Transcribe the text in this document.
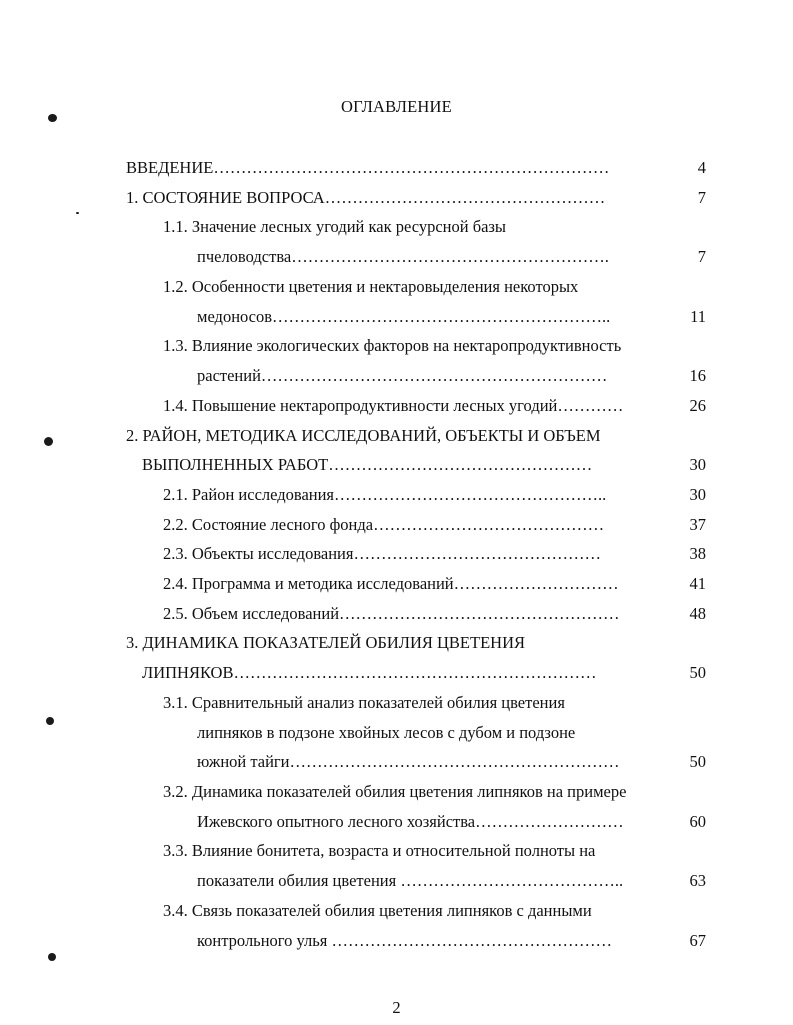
ОГЛАВЛЕНИЕ
ВВЕДЕНИЕ………………………………………………………………	4
1. СОСТОЯНИЕ ВОПРОСА……………………………………………	7
1.1. Значение лесных угодий как ресурсной базы
пчеловодства………………………………………………….	7
1.2. Особенности цветения и нектаровыделения некоторых
медоносов……………………………………………………..	11
1.3. Влияние экологических факторов на нектаропродуктивность
растений………………………………………………………	16
1.4. Повышение нектаропродуктивности лесных угодий…………	26
2. РАЙОН, МЕТОДИКА ИССЛЕДОВАНИЙ, ОБЪЕКТЫ И ОБЪЕМ
ВЫПОЛНЕННЫХ РАБОТ…………………………………………	30
2.1. Район исследования…………………………………………..	30
2.2. Состояние лесного фонда……………………………………	37
2.3. Объекты исследования………………………………………	38
2.4. Программа и методика исследований…………………………	41
2.5. Объем исследований……………………………………………	48
3. ДИНАМИКА ПОКАЗАТЕЛЕЙ ОБИЛИЯ ЦВЕТЕНИЯ
ЛИПНЯКОВ…………………………………………………………	50
3.1. Сравнительный анализ показателей обилия цветения
липняков в подзоне хвойных лесов с дубом и подзоне
южной тайги……………………………………………………	50
3.2. Динамика показателей обилия цветения липняков на примере
Ижевского опытного лесного хозяйства………………………	60
3.3. Влияние бонитета, возраста и относительной полноты на
показатели обилия цветения …………………………………..	63
3.4. Связь показателей обилия цветения липняков с данными
контрольного улья ……………………………………………	67
2
